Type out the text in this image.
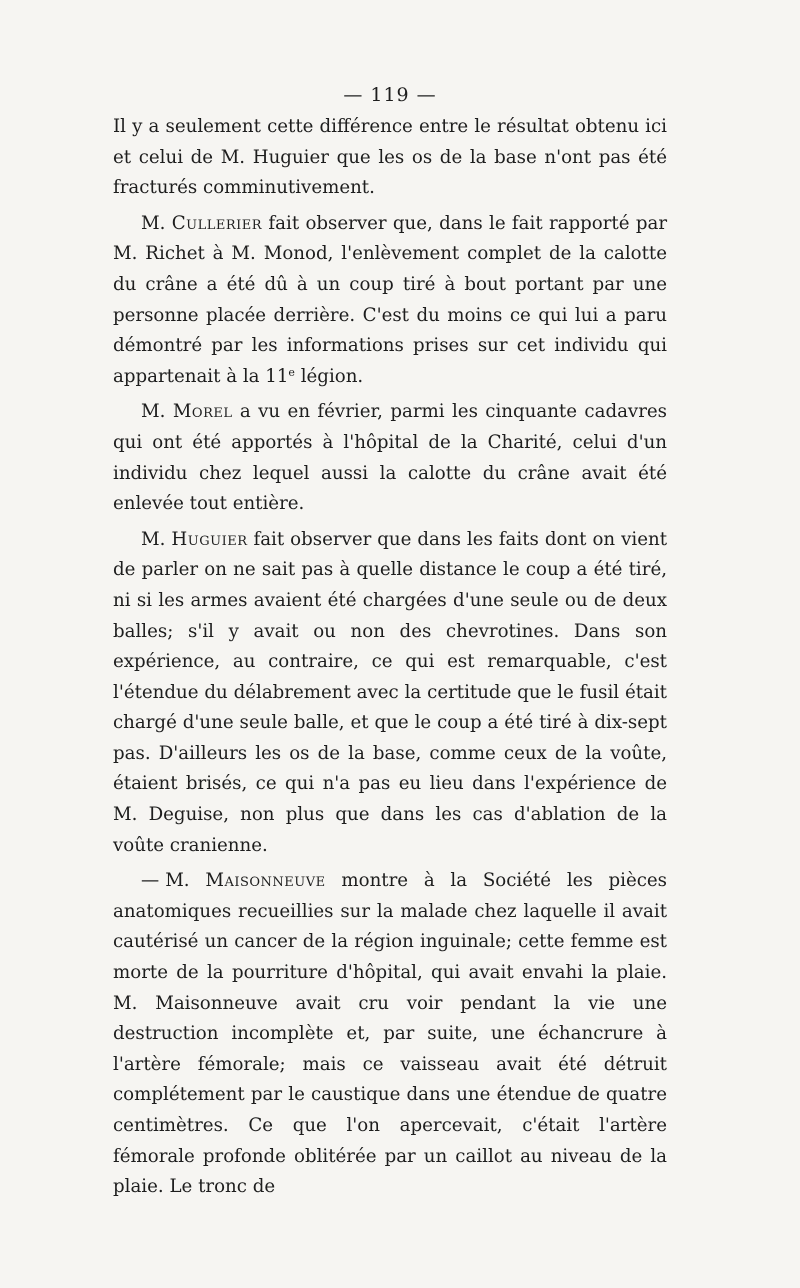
— 119 —

Il y a seulement cette différence entre le résultat obtenu ici et celui de M. Huguier que les os de la base n'ont pas été fracturés comminutivement.

M. Cullerier fait observer que, dans le fait rapporté par M. Richet à M. Monod, l'enlèvement complet de la calotte du crâne a été dû à un coup tiré à bout portant par une personne placée derrière. C'est du moins ce qui lui a paru démontré par les informations prises sur cet individu qui appartenait à la 11e légion.

M. Morel a vu en février, parmi les cinquante cadavres qui ont été apportés à l'hôpital de la Charité, celui d'un individu chez lequel aussi la calotte du crâne avait été enlevée tout entière.

M. Huguier fait observer que dans les faits dont on vient de parler on ne sait pas à quelle distance le coup a été tiré, ni si les armes avaient été chargées d'une seule ou de deux balles; s'il y avait ou non des chevrotines. Dans son expérience, au contraire, ce qui est remarquable, c'est l'étendue du délabrement avec la certitude que le fusil était chargé d'une seule balle, et que le coup a été tiré à dix-sept pas. D'ailleurs les os de la base, comme ceux de la voûte, étaient brisés, ce qui n'a pas eu lieu dans l'expérience de M. Deguise, non plus que dans les cas d'ablation de la voûte cranienne.

— M. Maisonneuve montre à la Société les pièces anatomiques recueillies sur la malade chez laquelle il avait cautérisé un cancer de la région inguinale; cette femme est morte de la pourriture d'hôpital, qui avait envahi la plaie. M. Maisonneuve avait cru voir pendant la vie une destruction incomplète et, par suite, une échancrure à l'artère fémorale; mais ce vaisseau avait été détruit complétement par le caustique dans une étendue de quatre centimètres. Ce que l'on apercevait, c'était l'artère fémorale profonde oblitérée par un caillot au niveau de la plaie. Le tronc de
